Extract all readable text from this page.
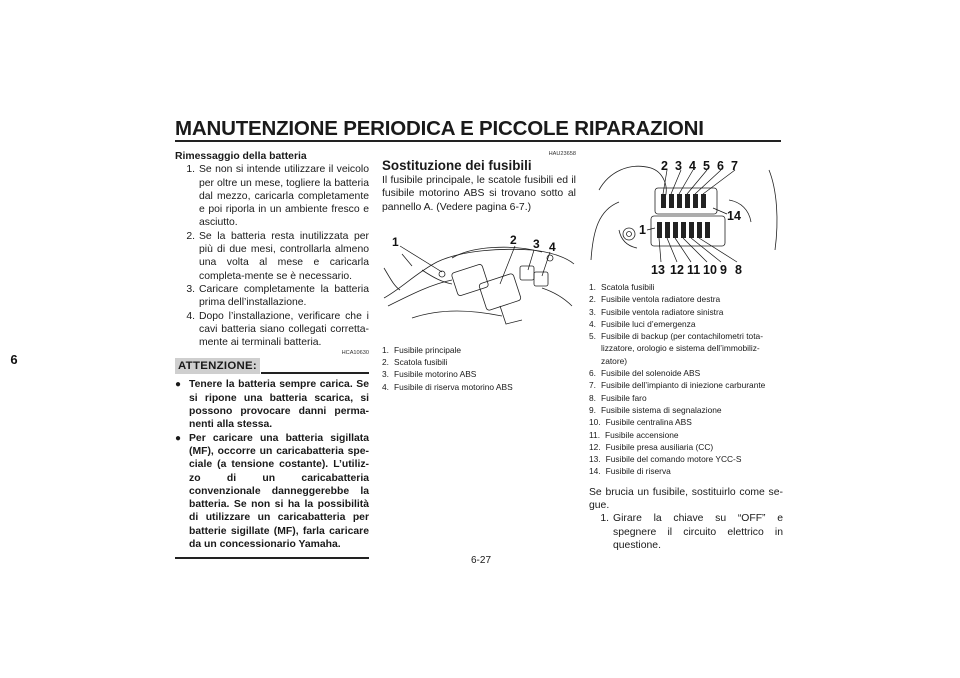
MANUTENZIONE PERIODICA E PICCOLE RIPARAZIONI
6
Rimessaggio della batteria
1. Se non si intende utilizzare il veicolo per oltre un mese, togliere la batteria dal mezzo, caricarla completamente e poi riporla in un ambiente fresco e asciutto.
2. Se la batteria resta inutilizzata per più di due mesi, controllarla almeno una volta al mese e caricarla completa-mente se è necessario.
3. Caricare completamente la batteria prima dell’installazione.
4. Dopo l’installazione, verificare che i cavi batteria siano collegati corretta-mente ai terminali batteria.
HCA10630
ATTENZIONE:
● Tenere la batteria sempre carica. Se si ripone una batteria scarica, si possono provocare danni perma-nenti alla stessa.
● Per caricare una batteria sigillata (MF), occorre un caricabatteria spe-ciale (a tensione costante). L’utiliz-zo di un caricabatteria convenzionale danneggerebbe la batteria. Se non si ha la possibilità di utilizzare un caricabatteria per batterie sigillate (MF), farla caricare da un concessionario Yamaha.
HAU23658
Sostituzione dei fusibili
Il fusibile principale, le scatole fusibili ed il fusibile motorino ABS si trovano sotto al pannello A. (Vedere pagina 6-7.)
1	2 3 4
1. Fusibile principale
2. Scatola fusibili
3. Fusibile motorino ABS
4. Fusibile di riserva motorino ABS
2 3 4 5 6 7
1
14
13 12 11 10 9 8
1. Scatola fusibili
2. Fusibile ventola radiatore destra
3. Fusibile ventola radiatore sinistra
4. Fusibile luci d’emergenza
5. Fusibile di backup (per contachilometri tota-lizzatore, orologio e sistema dell’immobiliz-zatore)
6. Fusibile del solenoide ABS
7. Fusibile dell’impianto di iniezione carburante
8. Fusibile faro
9. Fusibile sistema di segnalazione
10. Fusibile centralina ABS
11. Fusibile accensione
12. Fusibile presa ausiliaria (CC)
13. Fusibile del comando motore YCC-S
14. Fusibile di riserva
Se brucia un fusibile, sostituirlo come se-gue.
1. Girare la chiave su “OFF” e spegnere il circuito elettrico in questione.
6-27
